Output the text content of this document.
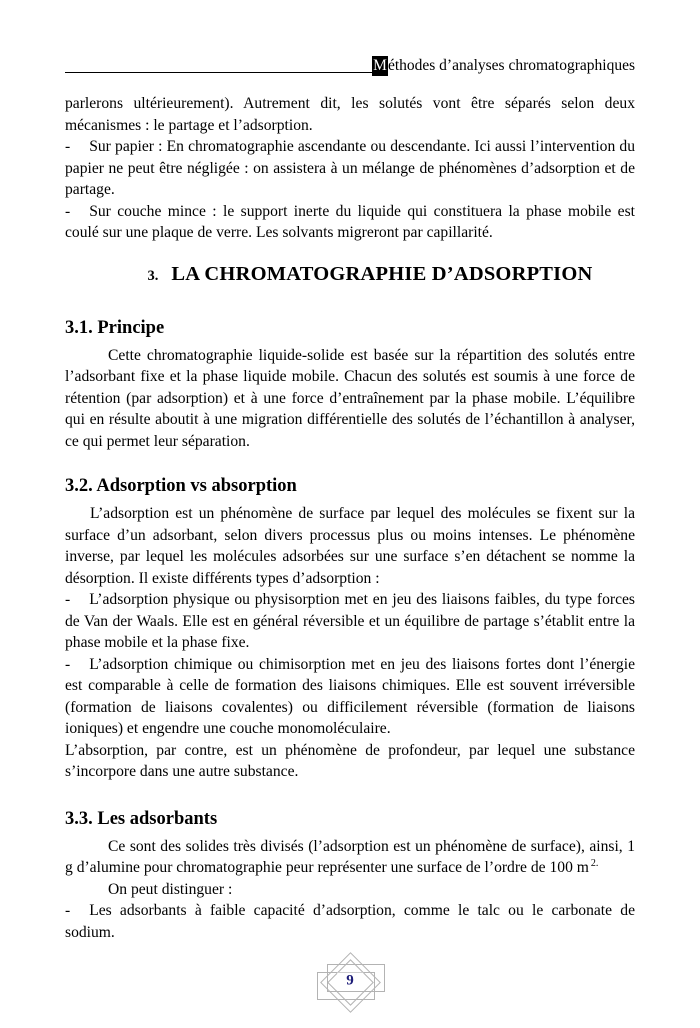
Méthodes d’analyses chromatographiques

parlerons ultérieurement). Autrement dit, les solutés vont être séparés selon deux mécanismes : le partage et l’adsorption.

- Sur papier : En chromatographie ascendante ou descendante. Ici aussi l’intervention du papier ne peut être négligée : on assistera à un mélange de phénomènes d’adsorption et de partage.

- Sur couche mince : le support inerte du liquide qui constituera la phase mobile est coulé sur une plaque de verre. Les solvants migreront par capillarité.

3. LA CHROMATOGRAPHIE D’ADSORPTION
3.1. Principe

Cette chromatographie liquide-solide est basée sur la répartition des solutés entre l’adsorbant fixe et la phase liquide mobile. Chacun des solutés est soumis à une force de rétention (par adsorption) et à une force d’entraînement par la phase mobile. L’équilibre qui en résulte aboutit à une migration différentielle des solutés de l’échantillon à analyser, ce qui permet leur séparation.

3.2. Adsorption vs absorption

L’adsorption est un phénomène de surface par lequel des molécules se fixent sur la surface d’un adsorbant, selon divers processus plus ou moins intenses. Le phénomène inverse, par lequel les molécules adsorbées sur une surface s’en détachent se nomme la désorption. Il existe différents types d’adsorption :

- L’adsorption physique ou physisorption met en jeu des liaisons faibles, du type forces de Van der Waals. Elle est en général réversible et un équilibre de partage s’établit entre la phase mobile et la phase fixe.

- L’adsorption chimique ou chimisorption met en jeu des liaisons fortes dont l’énergie est comparable à celle de formation des liaisons chimiques. Elle est souvent irréversible (formation de liaisons covalentes) ou difficilement réversible (formation de liaisons ioniques) et engendre une couche monomoléculaire.

L’absorption, par contre, est un phénomène de profondeur, par lequel une substance s’incorpore dans une autre substance.

3.3. Les adsorbants

Ce sont des solides très divisés (l’adsorption est un phénomène de surface), ainsi, 1 g d’alumine pour chromatographie peur représenter une surface de l’ordre de 100 m $^{2.}$

On peut distinguer :

- Les adsorbants à faible capacité d’adsorption, comme le talc ou le carbonate de sodium.

9
